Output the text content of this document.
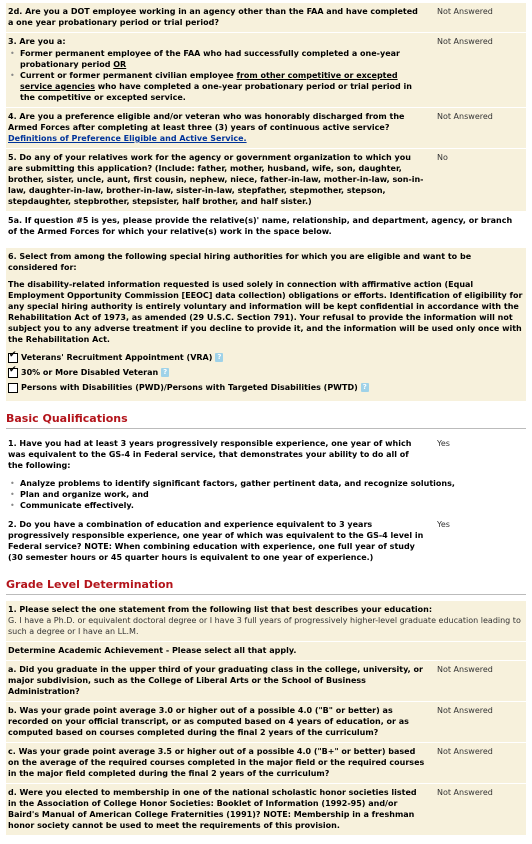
2d. Are you a DOT employee working in an agency other than the FAA and have completed a one year probationary period or trial period?
Not Answered
3. Are you a:
• Former permanent employee of the FAA who had successfully completed a one-year probationary period OR
• Current or former permanent civilian employee from other competitive or excepted service agencies who have completed a one-year probationary period or trial period in the competitive or excepted service.
Not Answered
4. Are you a preference eligible and/or veteran who was honorably discharged from the Armed Forces after completing at least three (3) years of continuous active service?
Definitions of Preference Eligible and Active Service.
Not Answered
5. Do any of your relatives work for the agency or government organization to which you are submitting this application? (Include: father, mother, husband, wife, son, daughter, brother, sister, uncle, aunt, first cousin, nephew, niece, father-in-law, mother-in-law, son-in-law, daughter-in-law, brother-in-law, sister-in-law, stepfather, stepmother, stepson, stepdaughter, stepbrother, stepsister, half brother, and half sister.)
No
5a. If question #5 is yes, please provide the relative(s)' name, relationship, and department, agency, or branch of the Armed Forces for which your relative(s) work in the space below.
6. Select from among the following special hiring authorities for which you are eligible and want to be considered for:
The disability-related information requested is used solely in connection with affirmative action (Equal Employment Opportunity Commission [EEOC] data collection) obligations or efforts. Identification of eligibility for any special hiring authority is entirely voluntary and information will be kept confidential in accordance with the Rehabilitation Act of 1973, as amended (29 U.S.C. Section 791). Your refusal to provide the information will not subject you to any adverse treatment if you decline to provide it, and the information will be used only once with the Rehabilitation Act.
✔ Veterans' Recruitment Appointment (VRA) ?
✔ 30% or More Disabled Veteran ?
Persons with Disabilities (PWD)/Persons with Targeted Disabilities (PWTD) ?
Basic Qualifications
1. Have you had at least 3 years progressively responsible experience, one year of which was equivalent to the GS-4 in Federal service, that demonstrates your ability to do all of the following:
Yes
• Analyze problems to identify significant factors, gather pertinent data, and recognize solutions,
• Plan and organize work, and
• Communicate effectively.
2. Do you have a combination of education and experience equivalent to 3 years progressively responsible experience, one year of which was equivalent to the GS-4 level in Federal service? NOTE: When combining education with experience, one full year of study (30 semester hours or 45 quarter hours is equivalent to one year of experience.)
Yes
Grade Level Determination
1. Please select the one statement from the following list that best describes your education:
G. I have a Ph.D. or equivalent doctoral degree or I have 3 full years of progressively higher-level graduate education leading to such a degree or I have an LL.M.
Determine Academic Achievement - Please select all that apply.
a. Did you graduate in the upper third of your graduating class in the college, university, or major subdivision, such as the College of Liberal Arts or the School of Business Administration?
Not Answered
b. Was your grade point average 3.0 or higher out of a possible 4.0 ("B" or better) as recorded on your official transcript, or as computed based on 4 years of education, or as computed based on courses completed during the final 2 years of the curriculum?
Not Answered
c. Was your grade point average 3.5 or higher out of a possible 4.0 ("B+" or better) based on the average of the required courses completed in the major field or the required courses in the major field completed during the final 2 years of the curriculum?
Not Answered
d. Were you elected to membership in one of the national scholastic honor societies listed in the Association of College Honor Societies: Booklet of Information (1992-95) and/or Baird's Manual of American College Fraternities (1991)? NOTE: Membership in a freshman honor society cannot be used to meet the requirements of this provision.
Not Answered
